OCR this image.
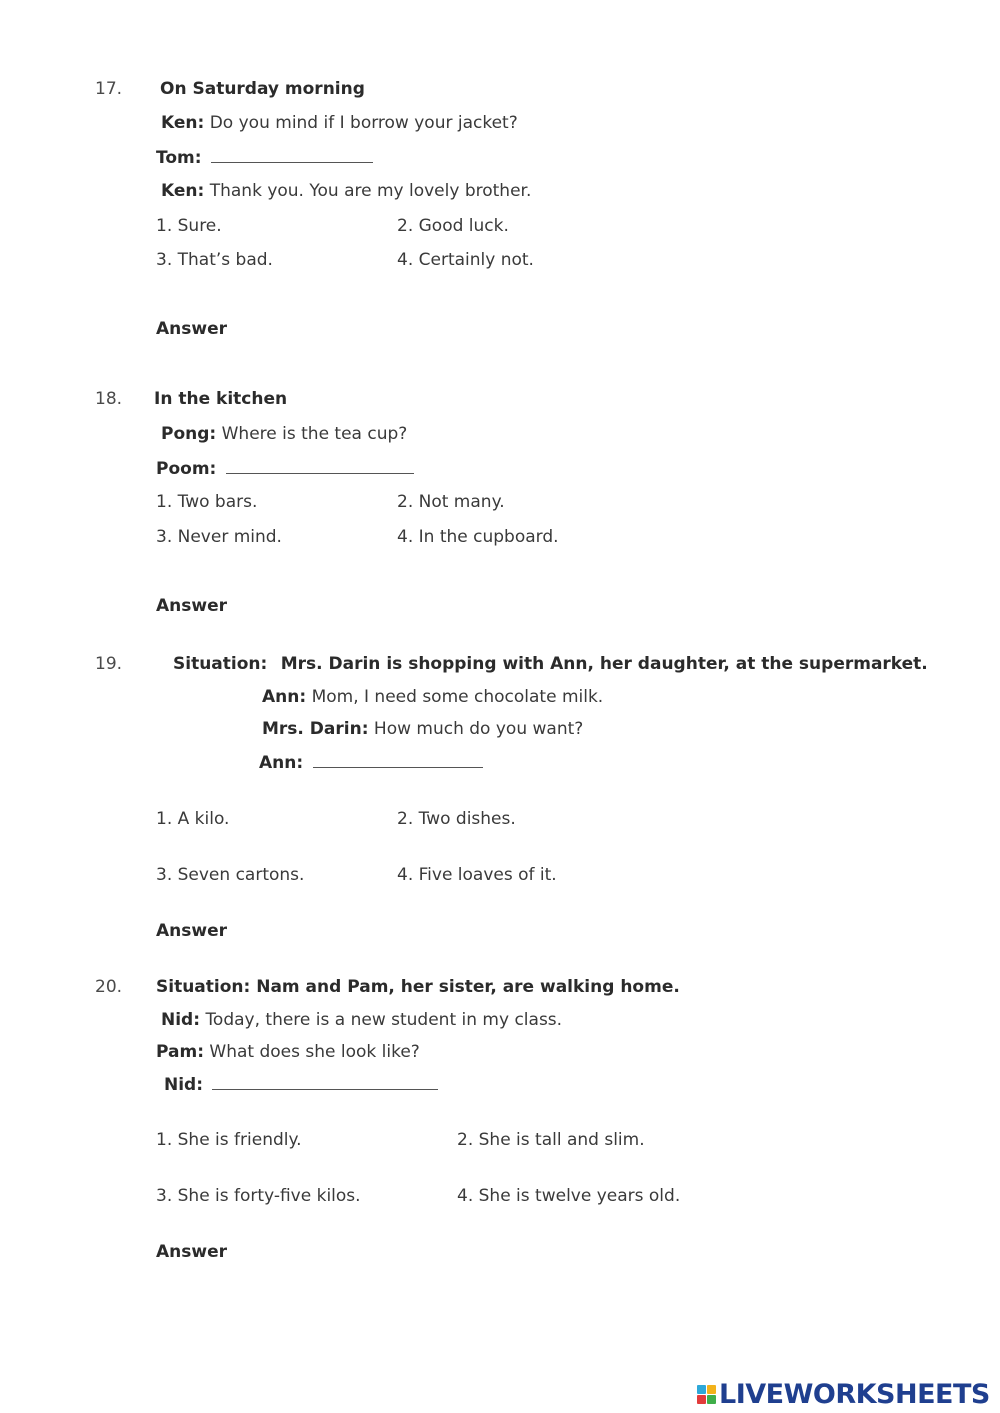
17. On Saturday morning
Ken: Do you mind if I borrow your jacket?
Tom:
Ken: Thank you. You are my lovely brother.
1. Sure.	2. Good luck.
3. That’s bad.	4. Certainly not.
Answer
18. In the kitchen
Pong: Where is the tea cup?
Poom:
1. Two bars.	2. Not many.
3. Never mind.	4. In the cupboard.
Answer
19.	Situation: Mrs. Darin is shopping with Ann, her daughter, at the supermarket.
Ann: Mom, I need some chocolate milk.
Mrs. Darin: How much do you want?
Ann:
1. A kilo.	2. Two dishes.
3. Seven cartons.	4. Five loaves of it.
Answer
20. Situation: Nam and Pam, her sister, are walking home.
Nid: Today, there is a new student in my class.
Pam: What does she look like?
Nid:
1. She is friendly.	2. She is tall and slim.
3. She is forty-five kilos.	4. She is twelve years old.
Answer
LIVEWORKSHEETS
